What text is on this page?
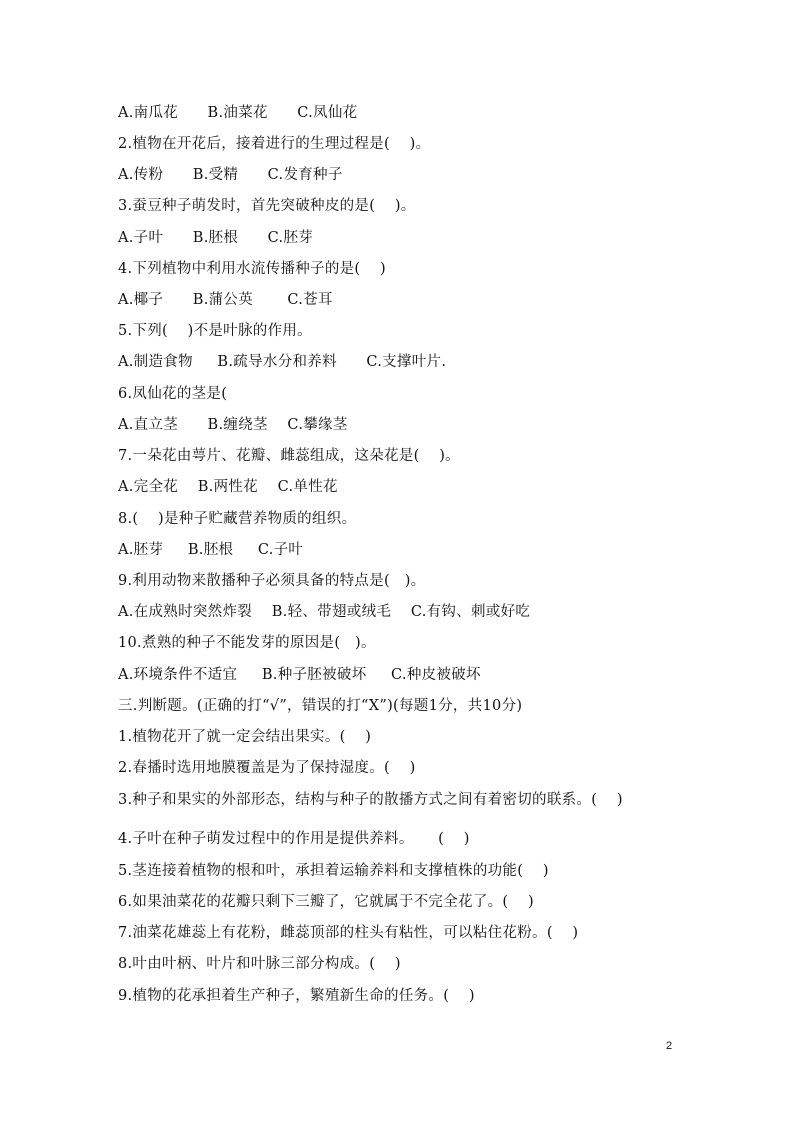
A.南瓜花      B.油菜花      C.凤仙花
2.植物在开花后，接着进行的生理过程是(    )。
A.传粉      B.受精      C.发育种子
3.蚕豆种子萌发时，首先突破种皮的是(    )。
A.子叶      B.胚根      C.胚芽
4.下列植物中利用水流传播种子的是(    )
A.椰子      B.蒲公英       C.苍耳
5.下列(    )不是叶脉的作用。
A.制造食物     B.疏导水分和养料      C.支撑叶片.
6.凤仙花的茎是(
A.直立茎      B.缠绕茎    C.攀缘茎
7.一朵花由萼片、花瓣、雌蕊组成，这朵花是(    )。
A.完全花    B.两性花    C.单性花
8.(    )是种子贮藏营养物质的组织。
A.胚芽     B.胚根     C.子叶
9.利用动物来散播种子必须具备的特点是(   )。
A.在成熟时突然炸裂    B.轻、带翅或绒毛    C.有钩、刺或好吃
10.煮熟的种子不能发芽的原因是(   )。
A.环境条件不适宜     B.种子胚被破坏     C.种皮被破坏
三.判断题。(正确的打“√”，错误的打“X”)(每题1分，共10分)
1.植物花开了就一定会结出果实。(    )
2.春播时选用地膜覆盖是为了保持湿度。(    )
3.种子和果实的外部形态，结构与种子的散播方式之间有着密切的联系。(    )
4.子叶在种子萌发过程中的作用是提供养料。     (    )
5.茎连接着植物的根和叶，承担着运输养料和支撑植株的功能(    )
6.如果油菜花的花瓣只剩下三瓣了，它就属于不完全花了。(    )
7.油菜花雄蕊上有花粉，雌蕊顶部的柱头有粘性，可以粘住花粉。(    )
8.叶由叶柄、叶片和叶脉三部分构成。(    )
9.植物的花承担着生产种子，繁殖新生命的任务。(    )
2
